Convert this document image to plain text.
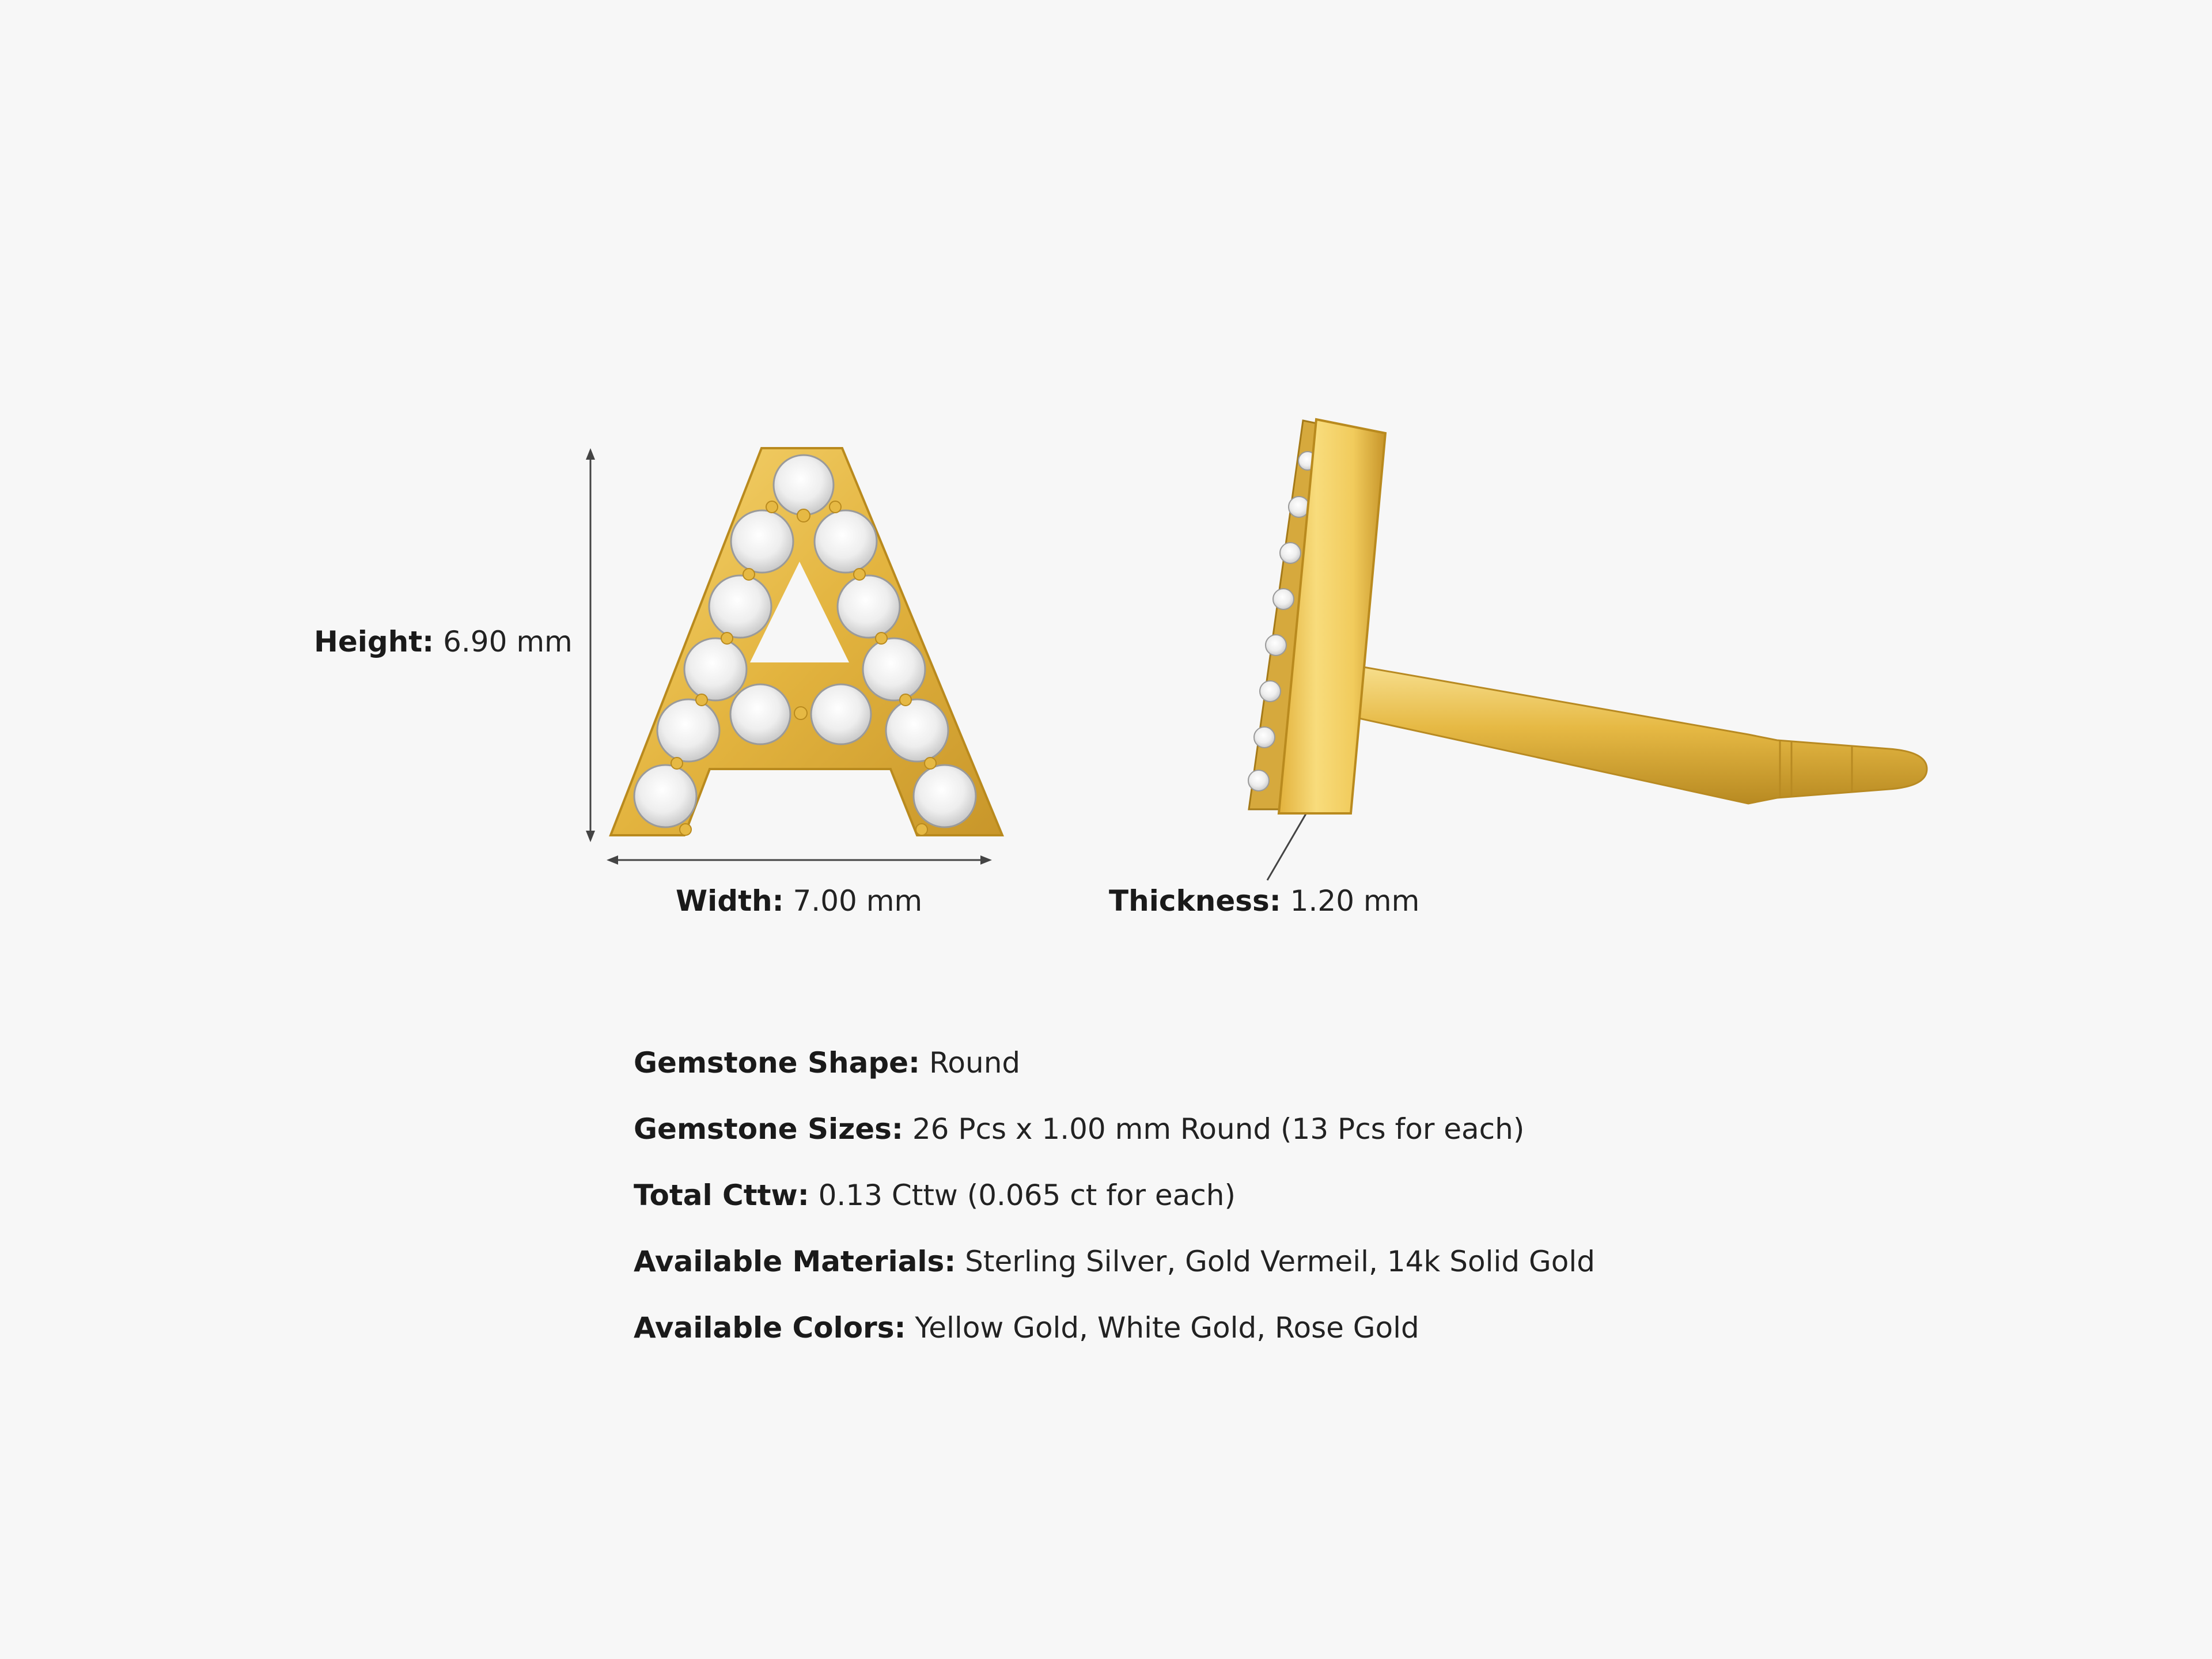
Height: 6.90 mm
Width: 7.00 mm	Thickness: 1.20 mm
Gemstone Shape: Round
Gemstone Sizes: 26 Pcs x 1.00 mm Round (13 Pcs for each)
Total Cttw: 0.13 Cttw (0.065 ct for each)
Available Materials: Sterling Silver, Gold Vermeil, 14k Solid Gold
Available Colors: Yellow Gold, White Gold, Rose Gold
